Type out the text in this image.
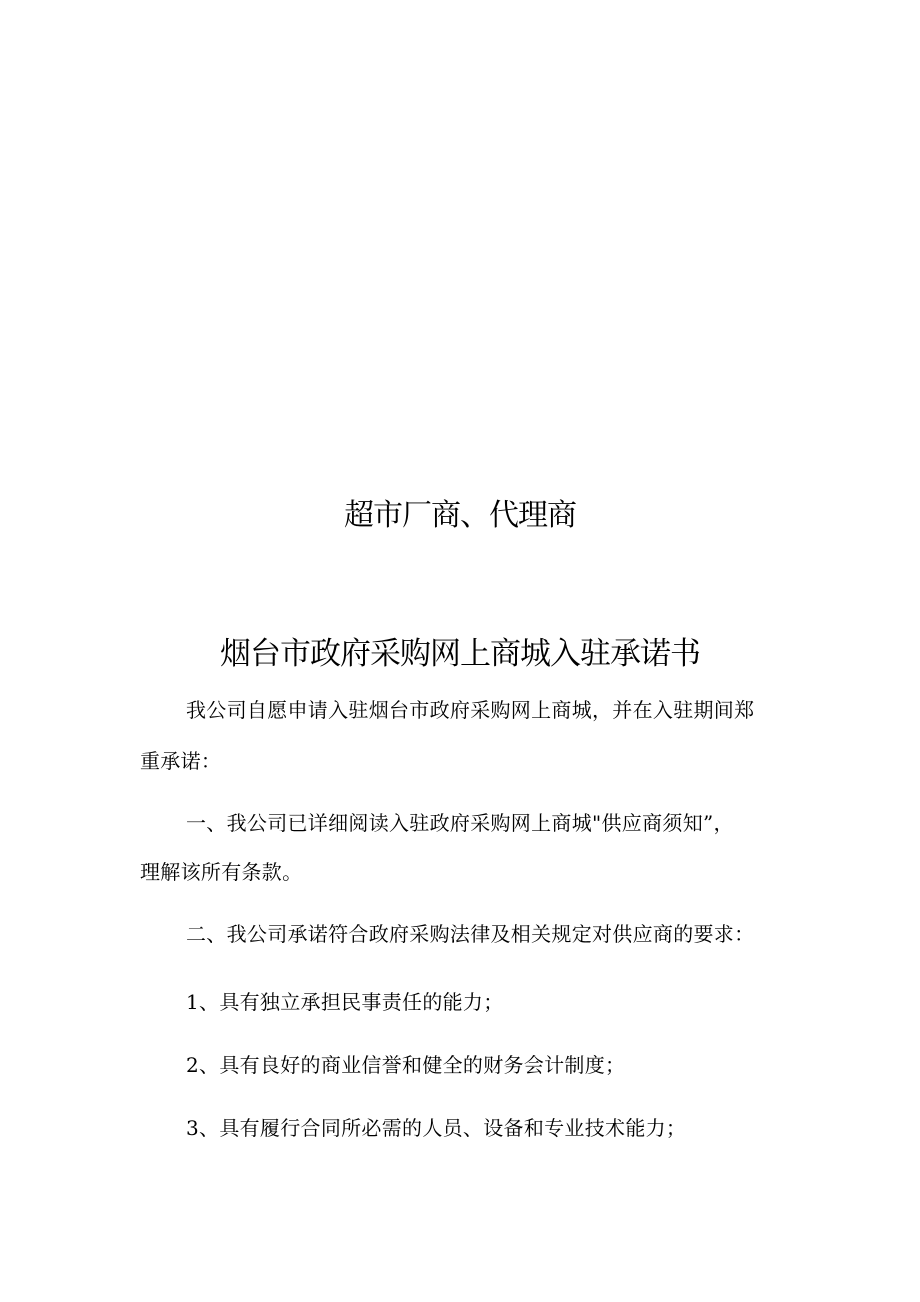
超市厂商、代理商
烟台市政府采购网上商城入驻承诺书
我公司自愿申请入驻烟台市政府采购网上商城，并在入驻期间郑
重承诺：
一、我公司已详细阅读入驻政府采购网上商城"供应商须知”，
理解该所有条款。
二、我公司承诺符合政府采购法律及相关规定对供应商的要求：
1、具有独立承担民事责任的能力；
2、具有良好的商业信誉和健全的财务会计制度；
3、具有履行合同所必需的人员、设备和专业技术能力；
